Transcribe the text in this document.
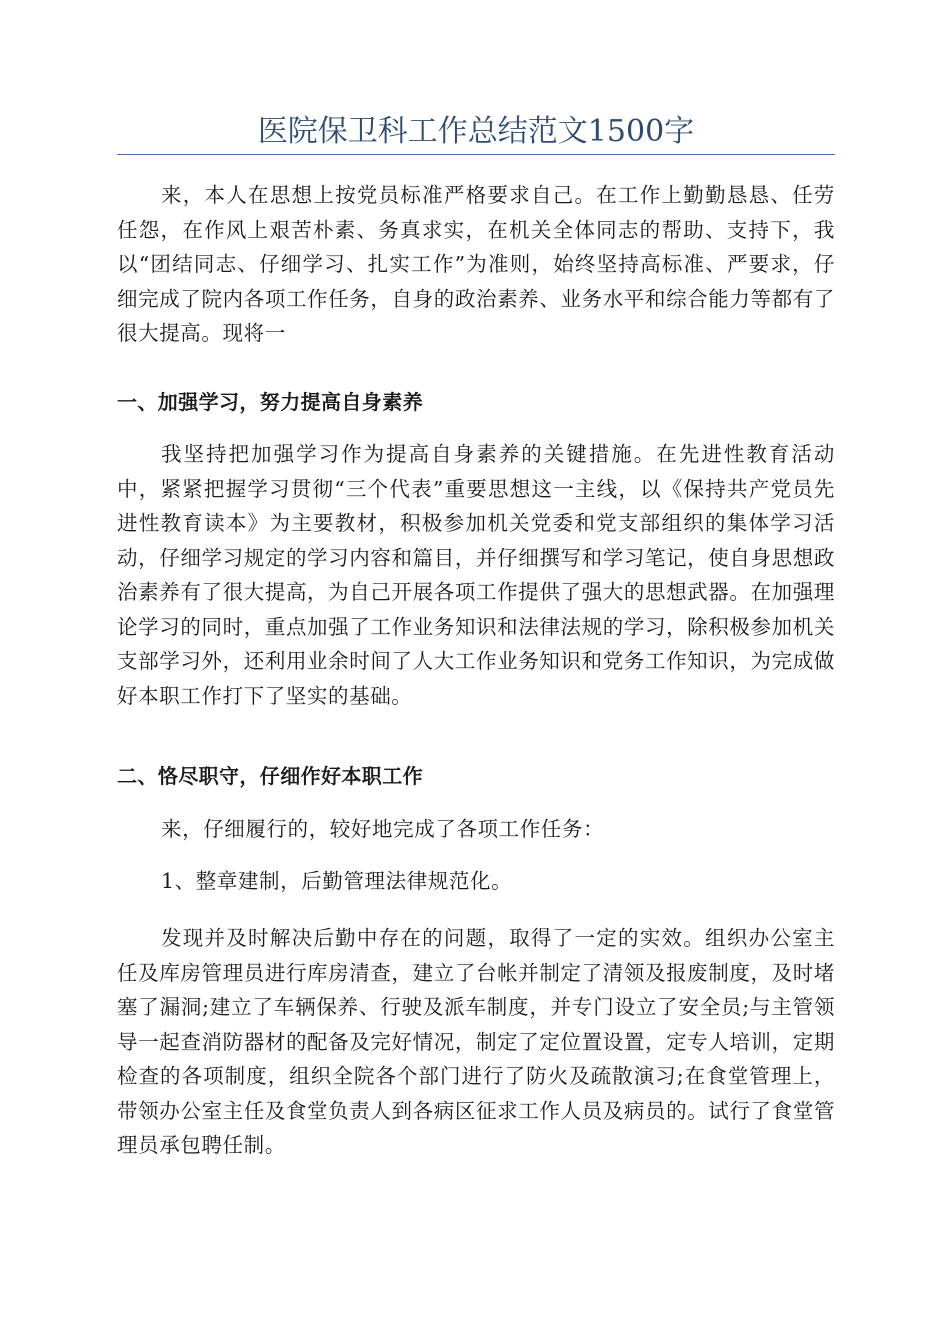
医院保卫科工作总结范文1500字

来，本人在思想上按党员标准严格要求自己。在工作上勤勤恳恳、任劳任怨，在作风上艰苦朴素、务真求实，在机关全体同志的帮助、支持下，我以“团结同志、仔细学习、扎实工作”为准则，始终坚持高标准、严要求，仔细完成了院内各项工作任务，自身的政治素养、业务水平和综合能力等都有了很大提高。现将一

一、加强学习，努力提高自身素养

我坚持把加强学习作为提高自身素养的关键措施。在先进性教育活动中，紧紧把握学习贯彻“三个代表”重要思想这一主线，以《保持共产党员先进性教育读本》为主要教材，积极参加机关党委和党支部组织的集体学习活动，仔细学习规定的学习内容和篇目，并仔细撰写和学习笔记，使自身思想政治素养有了很大提高，为自己开展各项工作提供了强大的思想武器。在加强理论学习的同时，重点加强了工作业务知识和法律法规的学习，除积极参加机关支部学习外，还利用业余时间了人大工作业务知识和党务工作知识，为完成做好本职工作打下了坚实的基础。

二、恪尽职守，仔细作好本职工作

来，仔细履行的，较好地完成了各项工作任务：

1、整章建制，后勤管理法律规范化。

发现并及时解决后勤中存在的问题，取得了一定的实效。组织办公室主任及库房管理员进行库房清查，建立了台帐并制定了清领及报废制度，及时堵塞了漏洞;建立了车辆保养、行驶及派车制度，并专门设立了安全员;与主管领导一起查消防器材的配备及完好情况，制定了定位置设置，定专人培训，定期检查的各项制度，组织全院各个部门进行了防火及疏散演习;在食堂管理上，带领办公室主任及食堂负责人到各病区征求工作人员及病员的。试行了食堂管理员承包聘任制。
